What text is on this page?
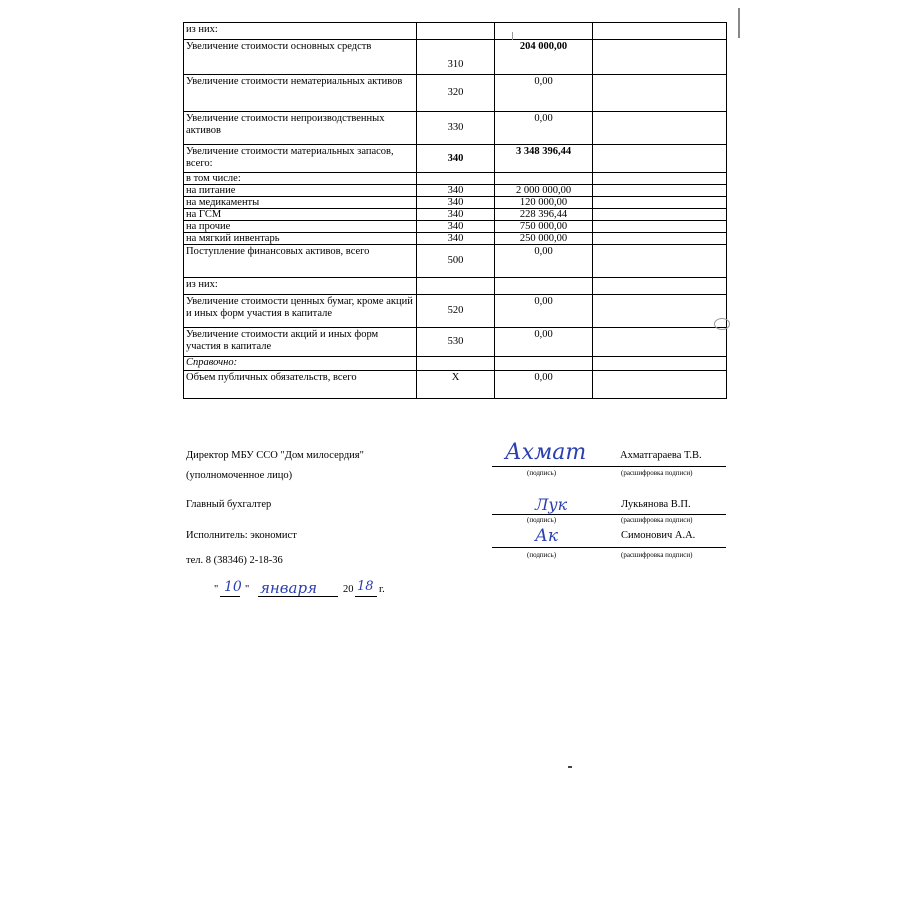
из них:			
Увеличение стоимости основных средств	310	204 000,00	
Увеличение стоимости нематериальных активов	320	0,00	
Увеличение стоимости непроизводственных активов	330	0,00	
Увеличение стоимости материальных запасов, всего:	340	3 348 396,44	
в том числе:			
на питание	340	2 000 000,00	
на медикаменты	340	120 000,00	
на ГСМ	340	228 396,44	
на прочие	340	750 000,00	
на мягкий инвентарь	340	250 000,00	
Поступление финансовых активов, всего	500	0,00	
из них:			
Увеличение стоимости ценных бумаг, кроме акций и иных форм участия в капитале	520	0,00	
Увеличение стоимости акций и иных форм участия в капитале	530	0,00	
Справочно:			
Объем публичных обязательств, всего	X	0,00	
Директор МБУ ССО "Дом милосердия"	Ахмат	Ахматгараева Т.В.
(подпись)	(расшифровка подписи)
(уполномоченное лицо)
Главный бухгалтер	Лук	Лукьянова В.П.
(подпись)	(расшифровка подписи)
Исполнитель: экономист	Ак	Симонович А.А.
(подпись)	(расшифровка подписи)
тел. 8 (38346) 2-18-36
" 10 " января 20 18 г.
